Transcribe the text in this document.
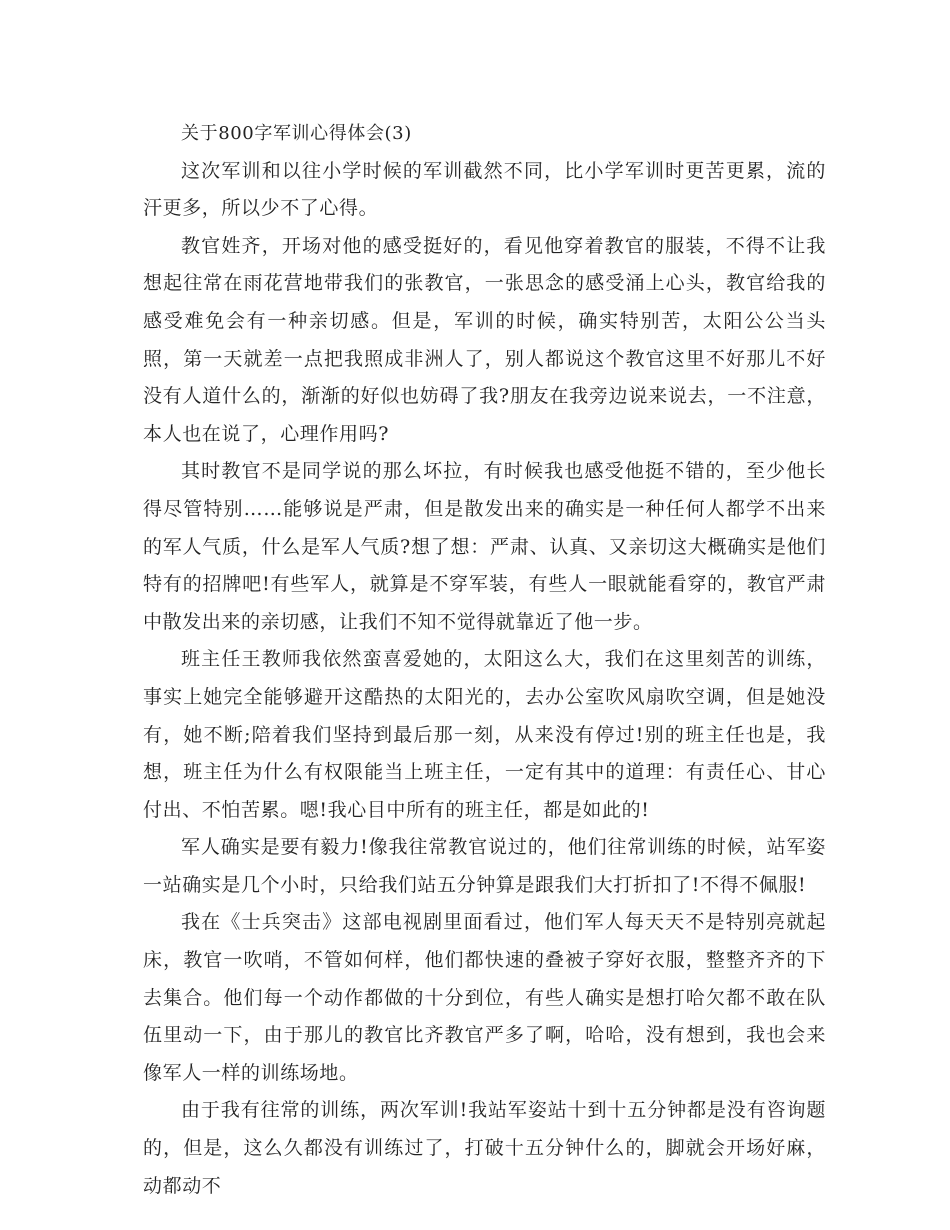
关于800字军训心得体会(3)

这次军训和以往小学时候的军训截然不同，比小学军训时更苦更累，流的汗更多，所以少不了心得。

教官姓齐，开场对他的感受挺好的，看见他穿着教官的服装，不得不让我想起往常在雨花营地带我们的张教官，一张思念的感受涌上心头，教官给我的感受难免会有一种亲切感。但是，军训的时候，确实特别苦，太阳公公当头照，第一天就差一点把我照成非洲人了，别人都说这个教官这里不好那儿不好没有人道什么的，渐渐的好似也妨碍了我?朋友在我旁边说来说去，一不注意，本人也在说了，心理作用吗?

其时教官不是同学说的那么坏拉，有时候我也感受他挺不错的，至少他长得尽管特别……能够说是严肃，但是散发出来的确实是一种任何人都学不出来的军人气质，什么是军人气质?想了想：严肃、认真、又亲切这大概确实是他们特有的招牌吧!有些军人，就算是不穿军装，有些人一眼就能看穿的，教官严肃中散发出来的亲切感，让我们不知不觉得就靠近了他一步。

班主任王教师我依然蛮喜爱她的，太阳这么大，我们在这里刻苦的训练，事实上她完全能够避开这酷热的太阳光的，去办公室吹风扇吹空调，但是她没有，她不断;陪着我们坚持到最后那一刻，从来没有停过!别的班主任也是，我想，班主任为什么有权限能当上班主任，一定有其中的道理：有责任心、甘心付出、不怕苦累。嗯!我心目中所有的班主任，都是如此的!

军人确实是要有毅力!像我往常教官说过的，他们往常训练的时候，站军姿一站确实是几个小时，只给我们站五分钟算是跟我们大打折扣了!不得不佩服!

我在《士兵突击》这部电视剧里面看过，他们军人每天天不是特别亮就起床，教官一吹哨，不管如何样，他们都快速的叠被子穿好衣服，整整齐齐的下去集合。他们每一个动作都做的十分到位，有些人确实是想打哈欠都不敢在队伍里动一下，由于那儿的教官比齐教官严多了啊，哈哈，没有想到，我也会来像军人一样的训练场地。

由于我有往常的训练，两次军训!我站军姿站十到十五分钟都是没有咨询题的，但是，这么久都没有训练过了，打破十五分钟什么的，脚就会开场好麻，动都动不
